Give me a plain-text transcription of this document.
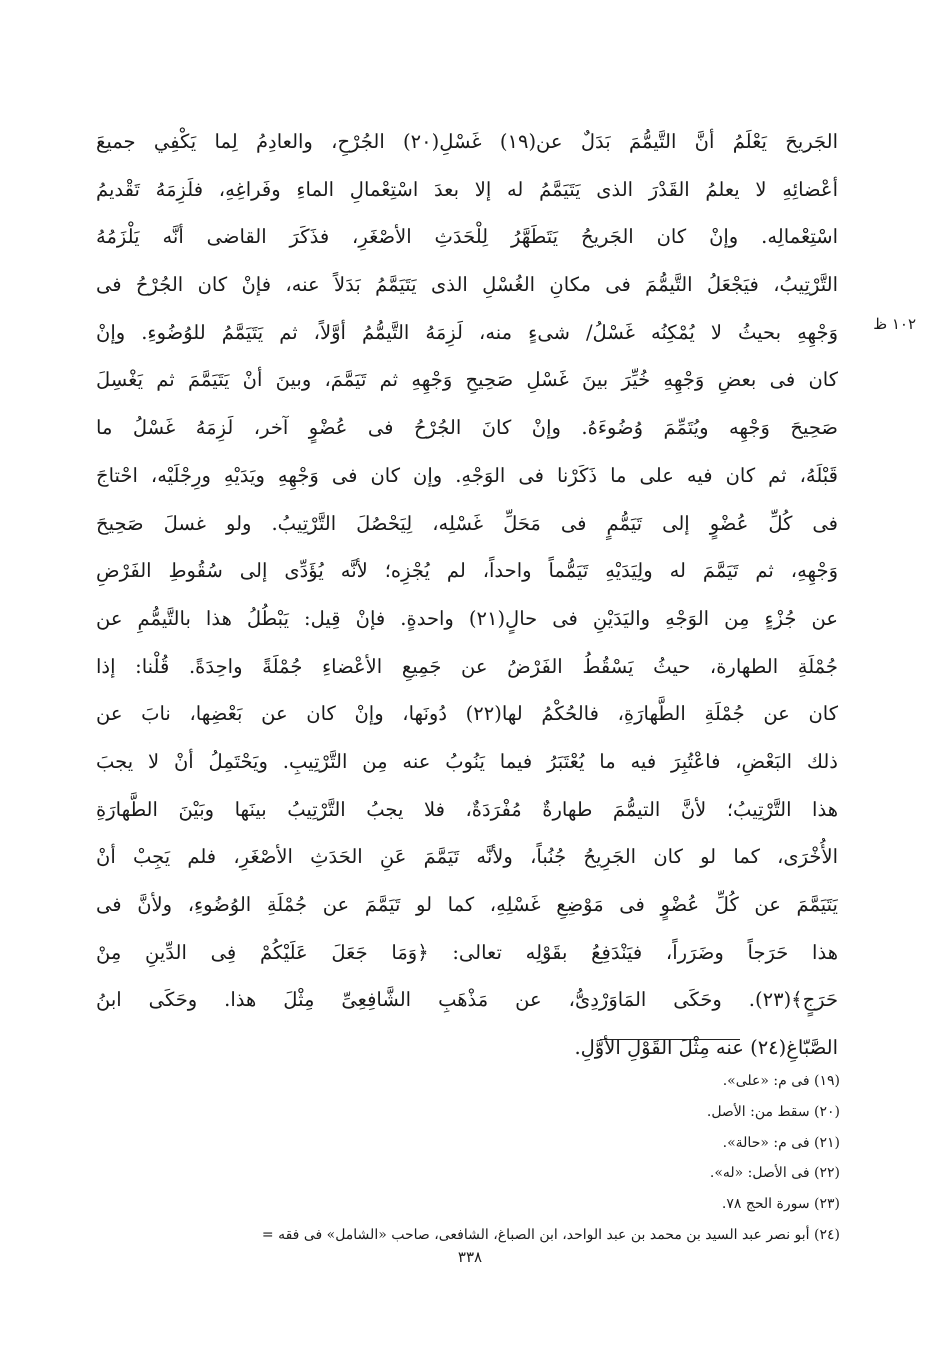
الجَريحَ يَعْلَمُ أنَّ التَّيمُّمَ بَدَلٌ عن(١٩) غَسْلِ(٢٠) الجُرْحِ، والعادِمُ لِما يَكْفِي جميعَ
أعْضائِهِ لا يعلمُ القَدْرَ الذى يَتَيَمَّمُ له إلا بعدَ اسْتِعْمالِ الماءِ وفَراغِهِ، فلَزِمَهُ تَقْديمُ
اسْتِعْمالِه. وإنْ كان الجَريحُ يَتَطَهَّرُ لِلْحَدَثِ الأصْغَرِ، فذَكَرَ القاضى أنَّه يَلْزَمُهُ
التَّرْتِيبُ، فيَجْعَلُ التَّيمُّمَ فى مكانِ الغُسْلِ الذى يَتَيَمَّمُ بَدَلاً عنه، فإنْ كان الجُرْحُ فى
وَجْهِهِ بحيثُ لا يُمْكِنُه غَسْلُ/ شىءٍ منه، لَزِمَهُ التَّيمُّمُ أوَّلاً، ثم يَتَيَمَّمُ للوُضُوءِ. وإنْ
كان فى بعضِ وَجْهِهِ خُيِّرَ بينَ غَسْلِ صَحِيحِ وَجْهِهِ ثم تَيَمَّمَ، وبينَ أنْ يَتَيَمَّمَ ثم يَغْسِلَ
صَحِيحَ وَجْهِه ويُتَمِّمَ وُضُوءَهُ. وإنْ كانَ الجُرْحُ فى عُضْوٍ آخر، لَزِمَهُ غَسْلُ ما
قَبْلَهُ، ثم كان فيه على ما ذَكَرْنا فى الوَجْهِ. وإن كان فى وَجْهِهِ ويَدَيْهِ ورِجْلَيْه، احْتاجَ
فى كُلِّ عُضْوٍ إلى تَيَمُّمٍ فى مَحَلِّ غَسْلِه، لِيَحْصُلَ التَّرْتِيبُ. ولو غسلَ صَحِيحَ
وَجْهِهِ، ثم تَيَمَّمَ له ولِيَدَيْهِ تَيَمُّماً واحداً، لم يُجْزِه؛ لأنَّه يُؤَدِّى إلى سُقُوطِ الفَرْضِ
عن جُزْءٍ مِن الوَجْهِ واليَدَيْنِ فى حالٍ(٢١) واحدةٍ. فإنْ قِيل: يَبْطُلُ هذا بالتَّيمُّمِ عن
جُمْلَةِ الطهارة، حيثُ يَسْقُطُ الفَرْضُ عن جَمِيعِ الأعْضاءِ جُمْلَةً واحِدَةً. قُلْنا: إذا
كان عن جُمْلَةِ الطَّهارَةِ، فالحُكْمُ لها(٢٢) دُونَها، وإنْ كان عن بَعْضِها، نابَ عن
ذلك البَعْضِ، فاعْتُبِرَ فيه ما يُعْتَبَرُ فيما يَنُوبُ عنه مِن التَّرْتِيبِ. ويَحْتَمِلُ أنْ لا يجبَ
هذا التَّرْتِيبُ؛ لأنَّ التيمُّمَ طهارةٌ مُفْرَدَةٌ، فلا يجبُ التَّرْتِيبُ بينَها وبَيْنَ الطَّهارَةِ
الأُخْرَى، كما لو كان الجَرِيحُ جُنُباً، ولأنَّه تَيَمَّمَ عَنِ الحَدَثِ الأصْغَرِ، فلم يَجِبْ أنْ
يَتَيَمَّمَ عن كُلِّ عُضْوٍ فى مَوْضِعِ غَسْلِهِ، كما لو تَيَمَّمَ عن جُمْلَةِ الوُضُوءِ، ولأنَّ فى
هذا حَرَجاً وضَرَراً، فيَنْدَفِعُ بقَوْلِه تعالى: ﴿وَمَا جَعَلَ عَلَيْكُمْ فِى الدِّينِ مِنْ
حَرَجٍ﴾(٢٣). وحَكَى المَاوَرْدِىُّ، عن مَذْهَبِ الشَّافِعِىِّ مِثْلَ هذا. وحَكَى ابنُ
الصَّبّاغِ(٢٤) عنه مِثْلَ القَوْلِ الأوَّلِ.
١٠٢ ظ
(١٩) فى م: «على».
(٢٠) سقط من: الأصل.
(٢١) فى م: «حالة».
(٢٢) فى الأصل: «له».
(٢٣) سورة الحج ٧٨.
(٢٤) أبو نصر عبد السيد بن محمد بن عبد الواحد، ابن الصباغ، الشافعى، صاحب «الشامل» فى فقه =
٣٣٨
